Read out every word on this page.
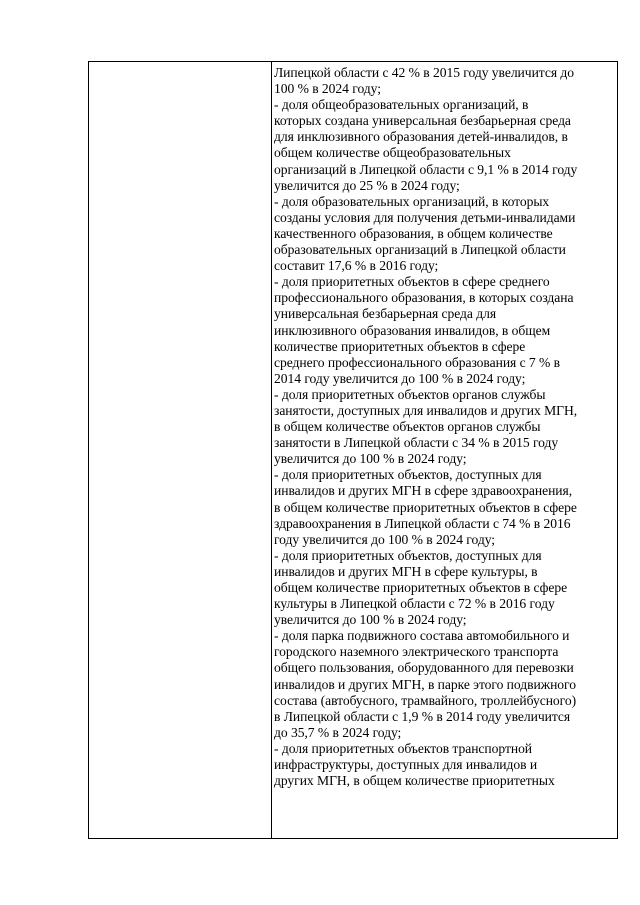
Липецкой области с 42 % в 2015 году увеличится до
100 % в 2024 году;
- доля общеобразовательных организаций, в
которых создана универсальная безбарьерная среда
для инклюзивного образования детей-инвалидов, в
общем количестве общеобразовательных
организаций в Липецкой области с 9,1 % в 2014 году
увеличится до 25 % в 2024 году;
- доля образовательных организаций, в которых
созданы условия для получения детьми-инвалидами
качественного образования, в общем количестве
образовательных организаций в Липецкой области
составит 17,6 % в 2016 году;
- доля приоритетных объектов в сфере среднего
профессионального образования, в которых создана
универсальная безбарьерная среда для
инклюзивного образования инвалидов, в общем
количестве приоритетных объектов в сфере
среднего профессионального образования с 7 % в
2014 году увеличится до 100 % в 2024 году;
- доля приоритетных объектов органов службы
занятости, доступных для инвалидов и других МГН,
в общем количестве объектов органов службы
занятости в Липецкой области с 34 % в 2015 году
увеличится до 100 % в 2024 году;
- доля приоритетных объектов, доступных для
инвалидов и других МГН в сфере здравоохранения,
в общем количестве приоритетных объектов в сфере
здравоохранения в Липецкой области с 74 % в 2016
году увеличится до 100 % в 2024 году;
- доля приоритетных объектов, доступных для
инвалидов и других МГН в сфере культуры, в
общем количестве приоритетных объектов в сфере
культуры в Липецкой области с 72 % в 2016 году
увеличится до 100 % в 2024 году;
- доля парка подвижного состава автомобильного и
городского наземного электрического транспорта
общего пользования, оборудованного для перевозки
инвалидов и других МГН, в парке этого подвижного
состава (автобусного, трамвайного, троллейбусного)
в Липецкой области с 1,9 % в 2014 году увеличится
до 35,7 % в 2024 году;
- доля приоритетных объектов транспортной
инфраструктуры, доступных для инвалидов и
других МГН, в общем количестве приоритетных
